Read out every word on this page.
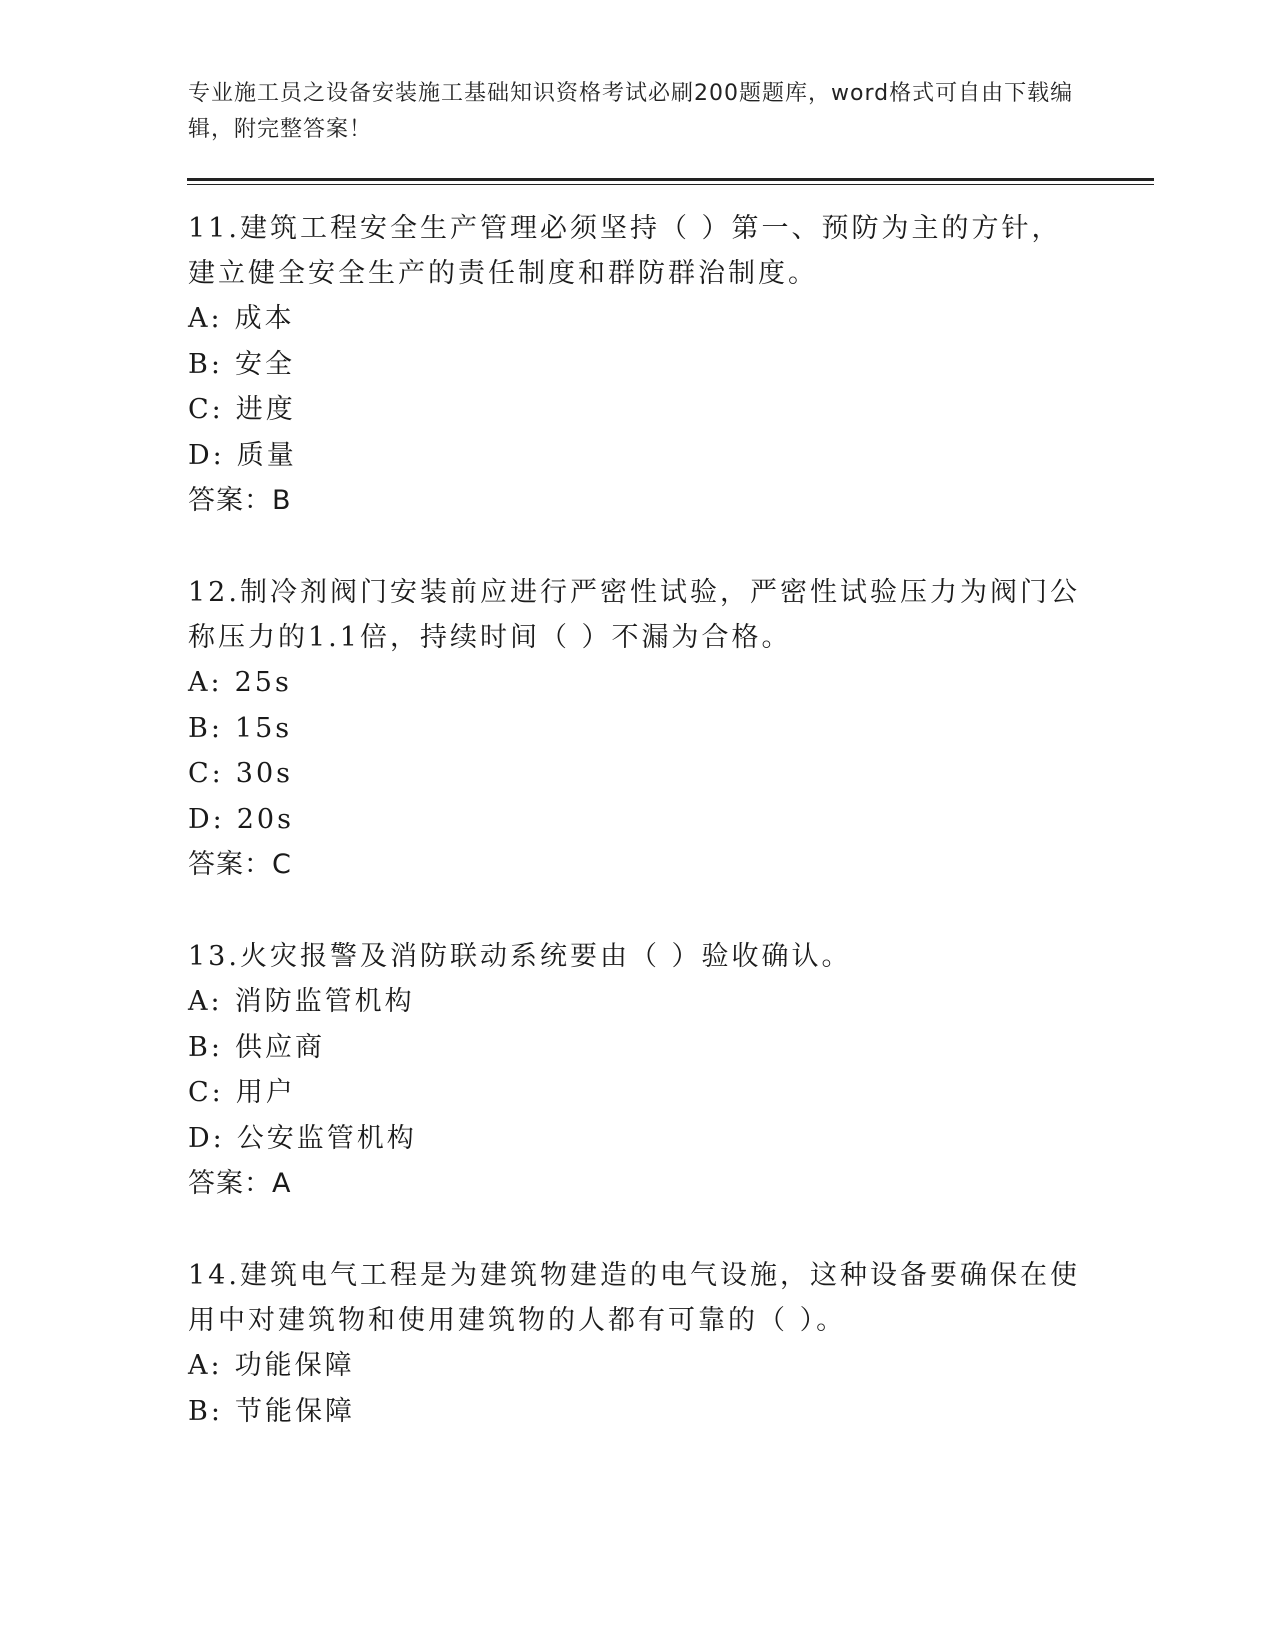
专业施工员之设备安装施工基础知识资格考试必刷200题题库，word格式可自由下载编辑，附完整答案！

11.建筑工程安全生产管理必须坚持（ ）第一、预防为主的方针，建立健全安全生产的责任制度和群防群治制度。

A: 成本
B: 安全
C: 进度
D: 质量
答案：B

12.制冷剂阀门安装前应进行严密性试验，严密性试验压力为阀门公称压力的1.1倍，持续时间（ ）不漏为合格。

A: 25s
B: 15s
C: 30s
D: 20s
答案：C

13.火灾报警及消防联动系统要由（ ）验收确认。

A: 消防监管机构
B: 供应商
C: 用户
D: 公安监管机构
答案：A

14.建筑电气工程是为建筑物建造的电气设施，这种设备要确保在使用中对建筑物和使用建筑物的人都有可靠的（ ）。

A: 功能保障
B: 节能保障
